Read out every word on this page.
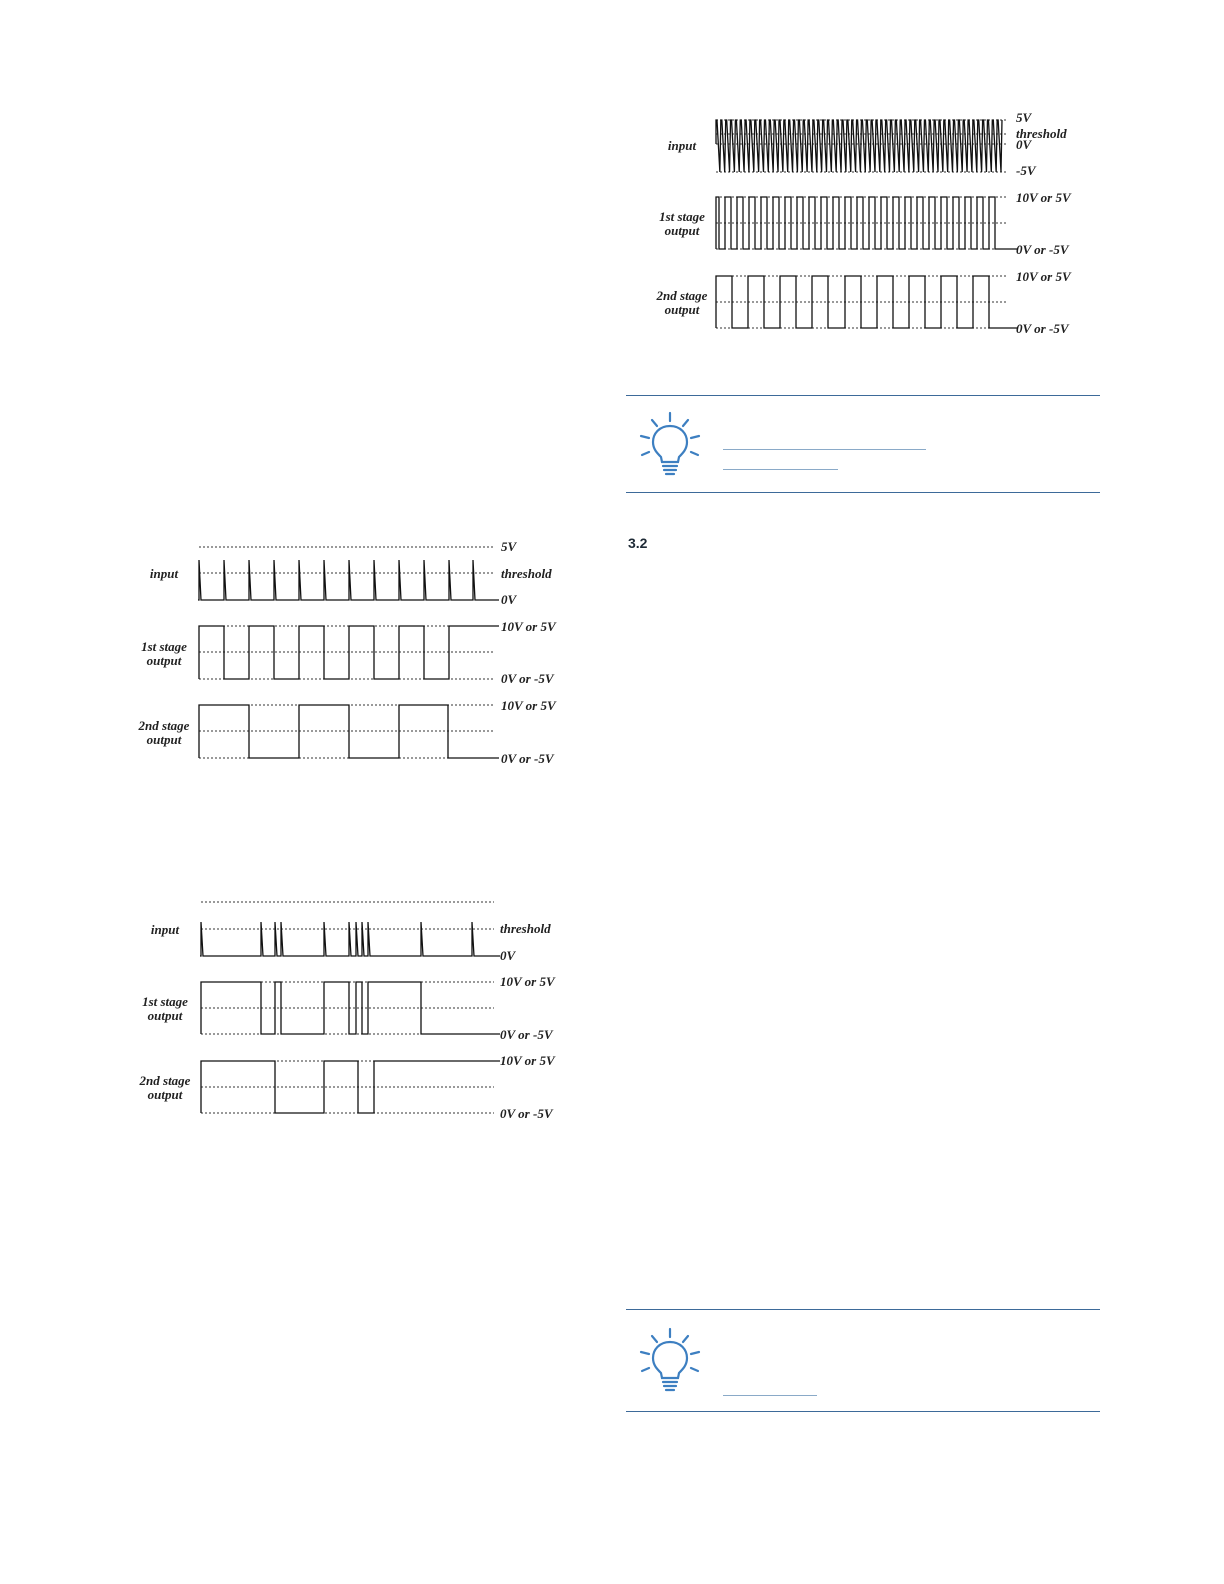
input
1st stage
output
2nd stage
output
5V
threshold
0V
-5V
10V or 5V
0V or -5V
10V or 5V
0V or -5V
3.2
input
1st stage
output
2nd stage
output
5V
threshold
0V
10V or 5V
0V or -5V
10V or 5V
0V or -5V
input
1st stage
output
2nd stage
output
threshold
0V
10V or 5V
0V or -5V
10V or 5V
0V or -5V
